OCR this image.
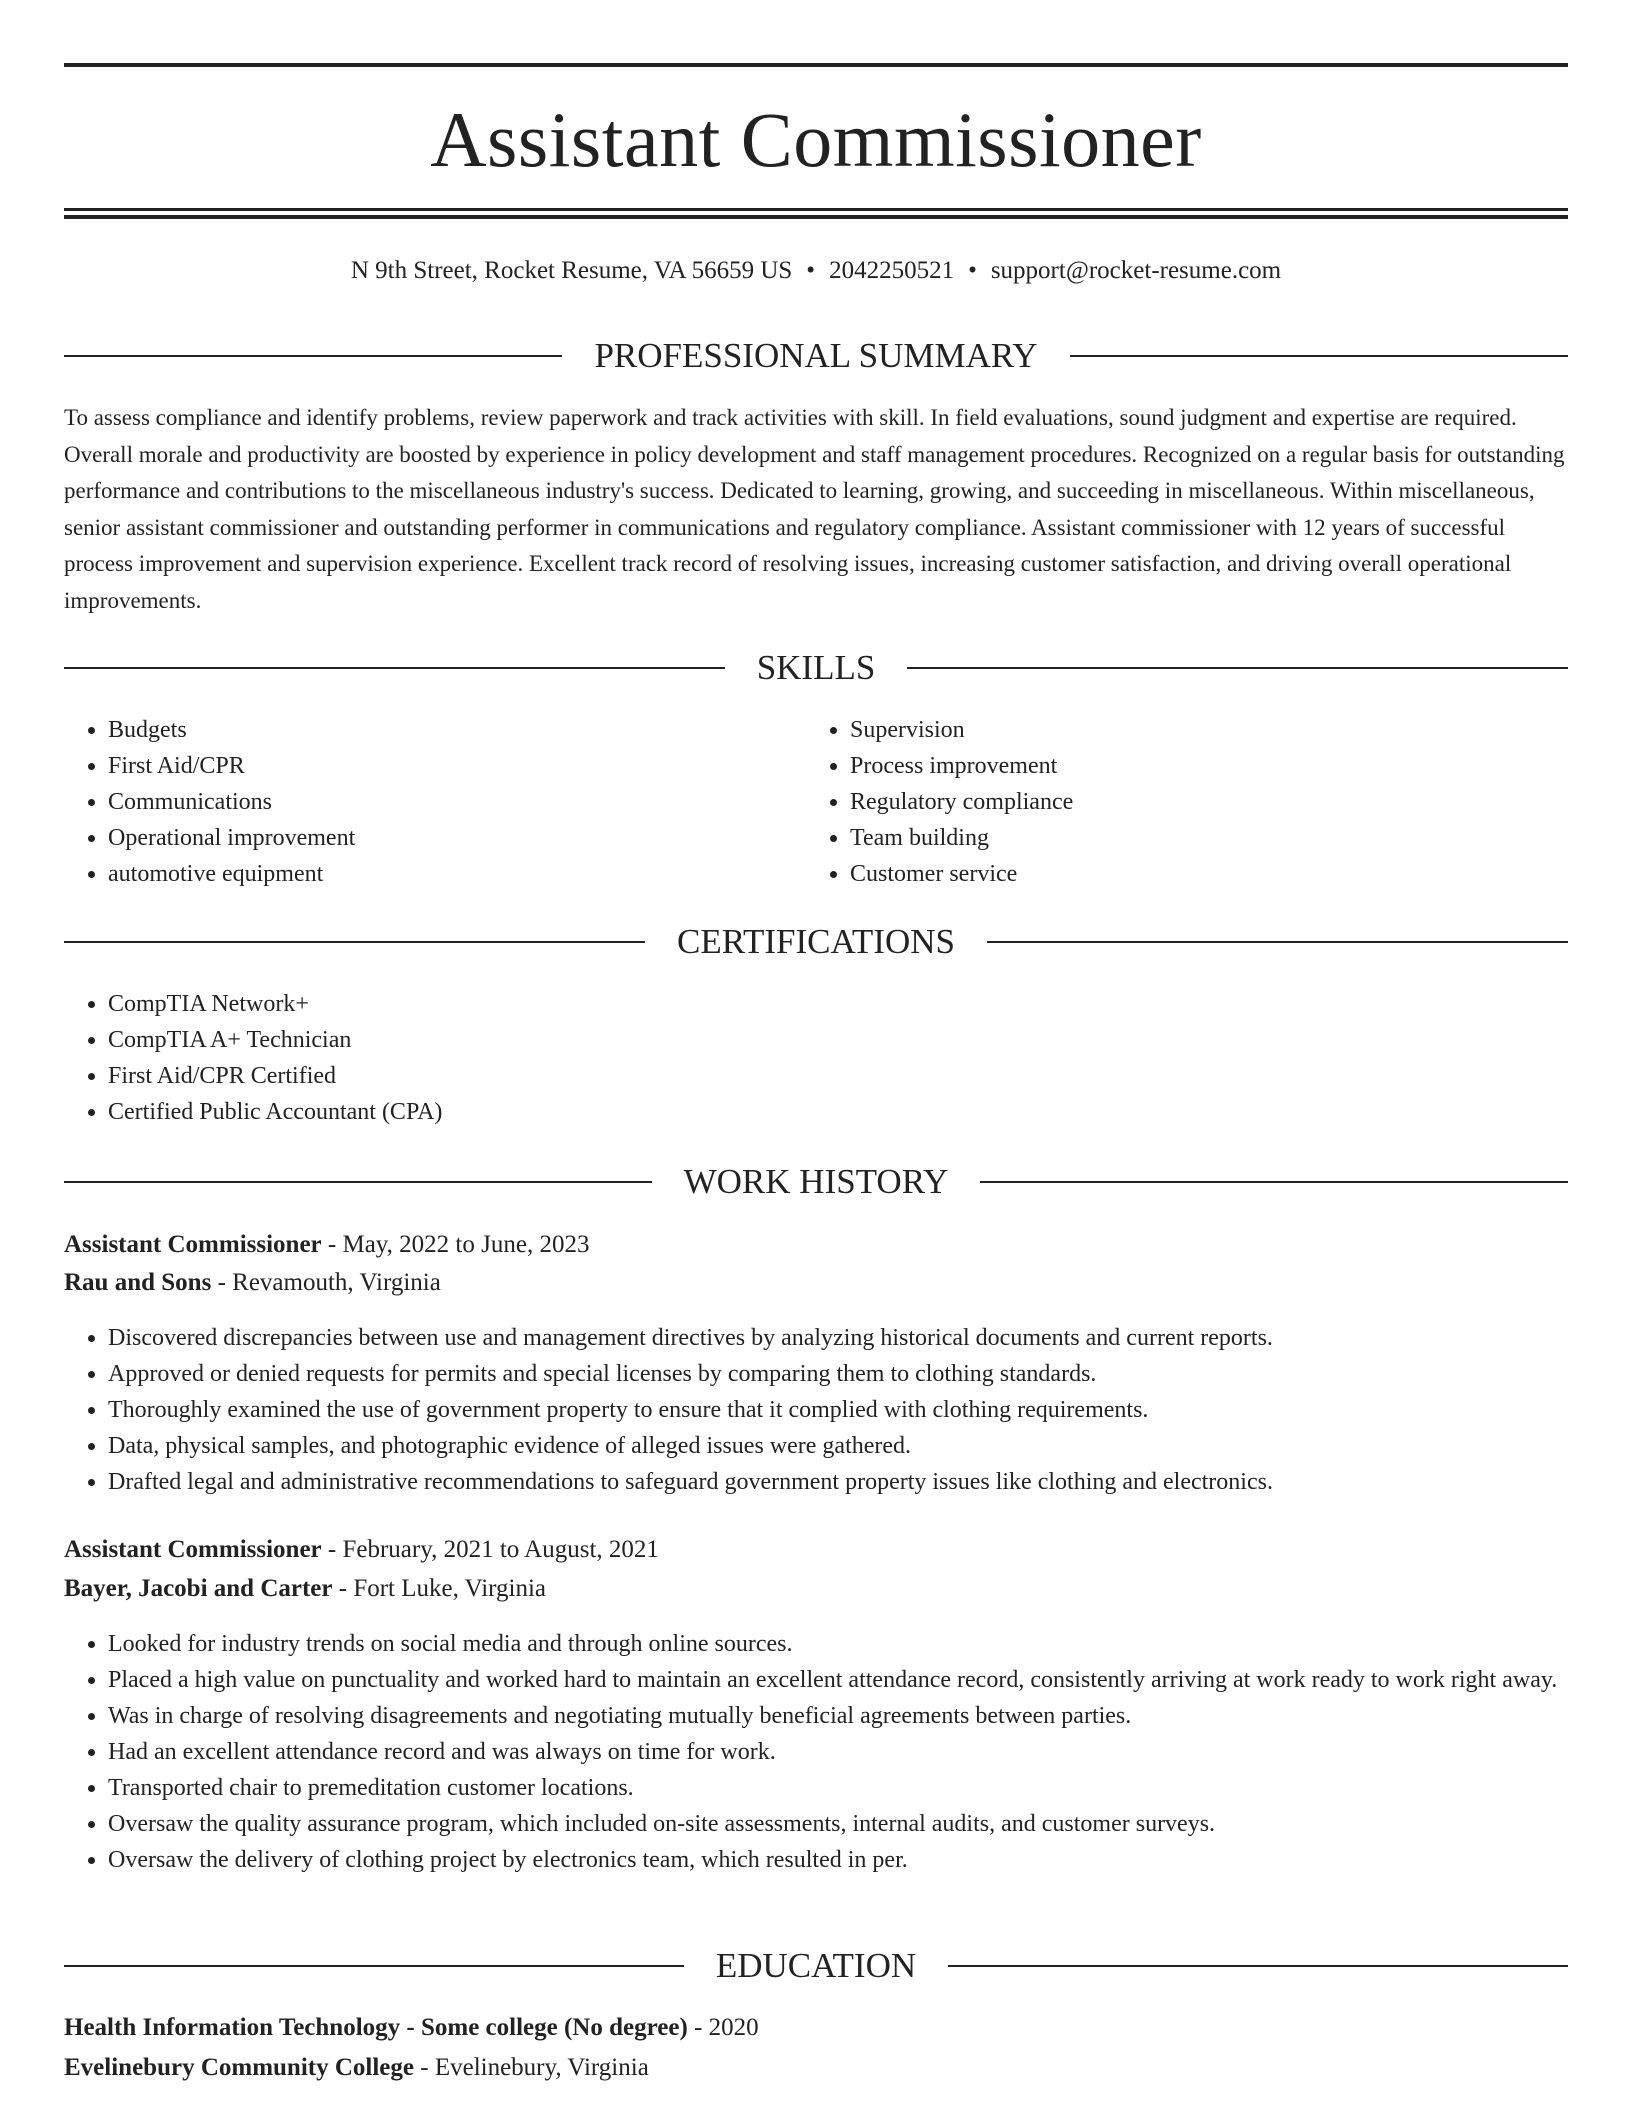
Assistant Commissioner
N 9th Street, Rocket Resume, VA 56659 US • 2042250521 • support@rocket-resume.com
PROFESSIONAL SUMMARY

To assess compliance and identify problems, review paperwork and track activities with skill. In field evaluations, sound judgment and expertise are required. Overall morale and productivity are boosted by experience in policy development and staff management procedures. Recognized on a regular basis for outstanding performance and contributions to the miscellaneous industry's success. Dedicated to learning, growing, and succeeding in miscellaneous. Within miscellaneous, senior assistant commissioner and outstanding performer in communications and regulatory compliance. Assistant commissioner with 12 years of successful process improvement and supervision experience. Excellent track record of resolving issues, increasing customer satisfaction, and driving overall operational improvements.

SKILLS
• Budgets
• First Aid/CPR
• Communications
• Operational improvement
• automotive equipment
• Supervision
• Process improvement
• Regulatory compliance
• Team building
• Customer service
CERTIFICATIONS
• CompTIA Network+
• CompTIA A+ Technician
• First Aid/CPR Certified
• Certified Public Accountant (CPA)
WORK HISTORY
Assistant Commissioner - May, 2022 to June, 2023
Rau and Sons - Revamouth, Virginia
• Discovered discrepancies between use and management directives by analyzing historical documents and current reports.
• Approved or denied requests for permits and special licenses by comparing them to clothing standards.
• Thoroughly examined the use of government property to ensure that it complied with clothing requirements.
• Data, physical samples, and photographic evidence of alleged issues were gathered.
• Drafted legal and administrative recommendations to safeguard government property issues like clothing and electronics.
Assistant Commissioner - February, 2021 to August, 2021
Bayer, Jacobi and Carter - Fort Luke, Virginia
• Looked for industry trends on social media and through online sources.
• Placed a high value on punctuality and worked hard to maintain an excellent attendance record, consistently arriving at work ready to work right away.
• Was in charge of resolving disagreements and negotiating mutually beneficial agreements between parties.
• Had an excellent attendance record and was always on time for work.
• Transported chair to premeditation customer locations.
• Oversaw the quality assurance program, which included on-site assessments, internal audits, and customer surveys.
• Oversaw the delivery of clothing project by electronics team, which resulted in per.
EDUCATION
Health Information Technology - Some college (No degree) - 2020
Evelinebury Community College - Evelinebury, Virginia
